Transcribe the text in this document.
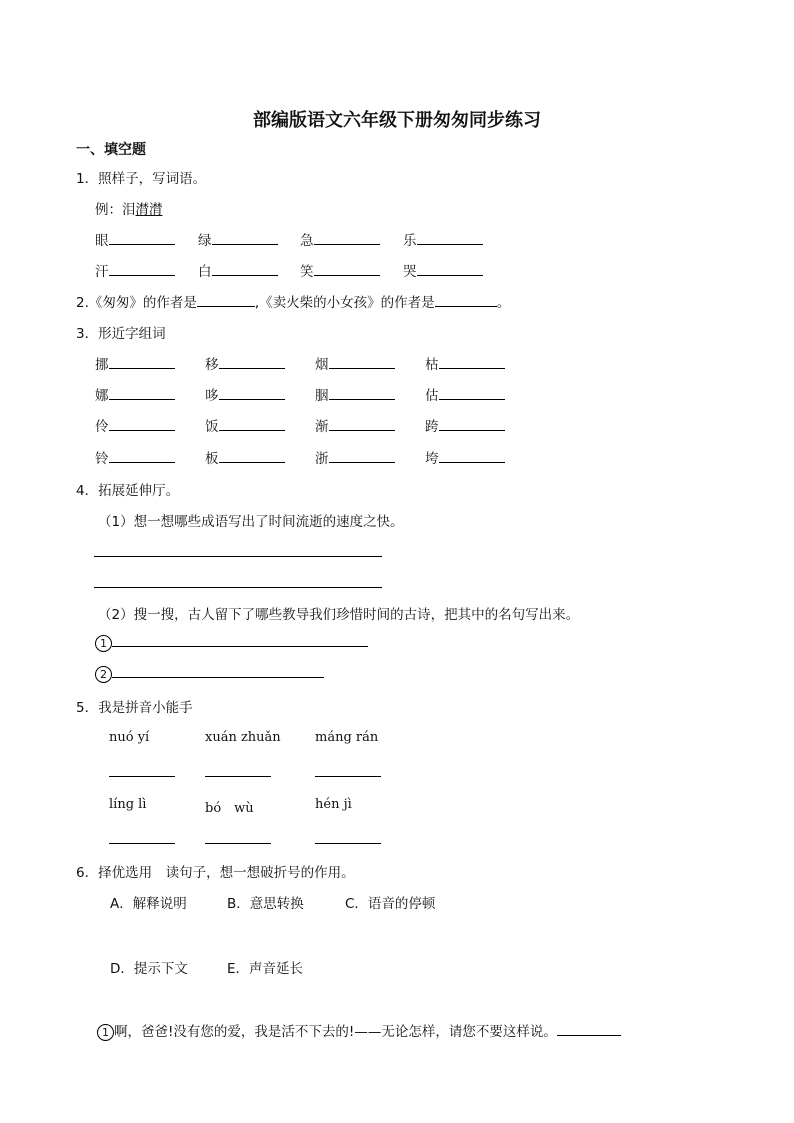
部编版语文六年级下册匆匆同步练习
一、填空题
1．照样子，写词语。
例：泪潸潸
眼	绿	急	乐
汗	白	笑	哭
2.《匆匆》的作者是	,《卖火柴的小女孩》的作者是	。
3．形近字组词
挪	移	烟	枯
娜	哆	胭	估
伶	饭	渐	跨
铃	板	浙	垮
4．拓展延伸厅。
（1）想一想哪些成语写出了时间流逝的速度之快。
（2）搜一搜，古人留下了哪些教导我们珍惜时间的古诗，把其中的名句写出来。
1
2
5．我是拼音小能手
nuó yí	xuán zhuǎn	máng rán
líng lì	bó　wù	hén jì
6．择优选用　读句子，想一想破折号的作用。
A．解释说明	B．意思转换	C．语音的停顿
D．提示下文	E．声音延长
1 啊，爸爸!没有您的爱，我是活不下去的!——无论怎样，请您不要这样说。
